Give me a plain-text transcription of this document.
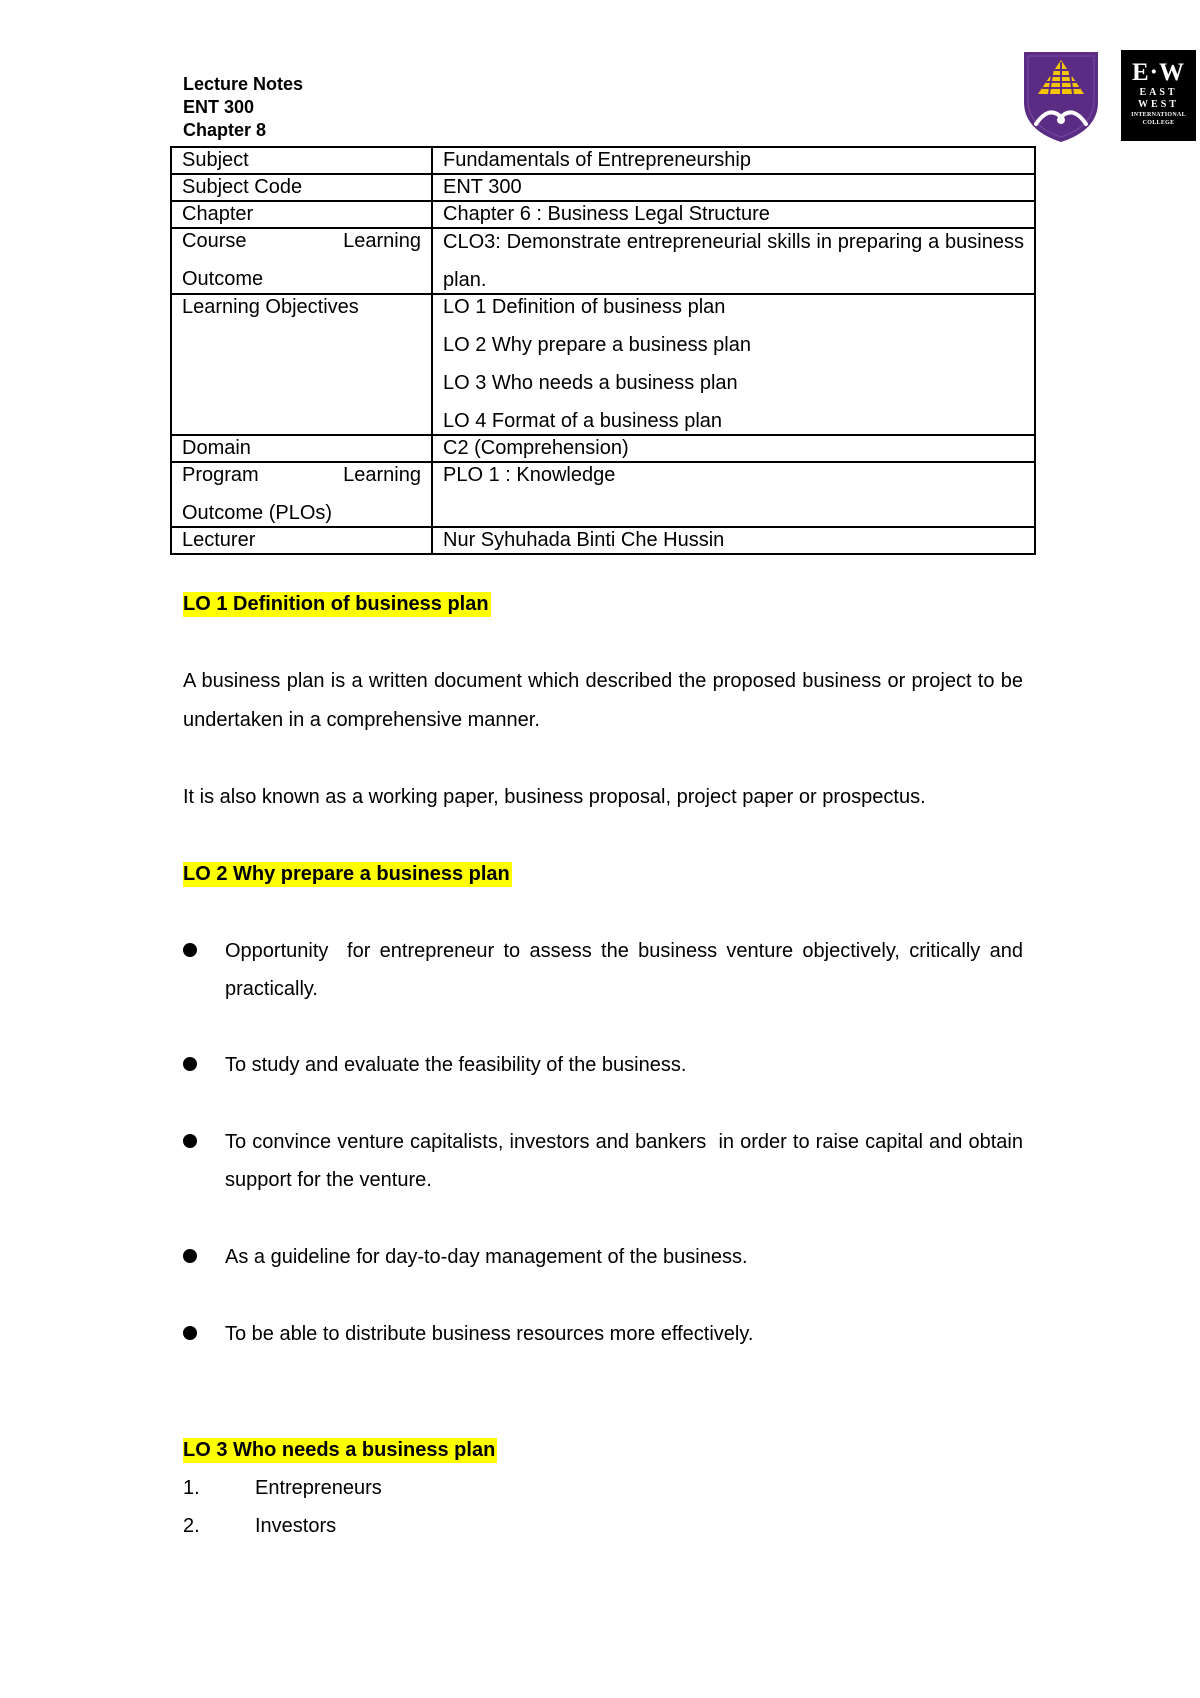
Lecture Notes
ENT 300
Chapter 8
E·W
EAST
WEST
INTERNATIONAL
COLLEGE
Subject	Fundamentals of Entrepreneurship
Subject Code	ENT 300
Chapter	Chapter 6 : Business Legal Structure

Course Learning
Outcome	CLO3: Demonstrate entrepreneurial skills in preparing a business plan.

Learning Objectives	LO 1 Definition of business plan
LO 2 Why prepare a business plan
LO 3 Who needs a business plan
LO 4 Format of a business plan

Domain	C2 (Comprehension)

Program Learning
Outcome (PLOs)	PLO 1 : Knowledge
Lecturer	Nur Syhuhada Binti Che Hussin
LO 1 Definition of business plan
A business plan is a written document which described the proposed business or project to be undertaken in a comprehensive manner.
It is also known as a working paper, business proposal, project paper or prospectus.
LO 2 Why prepare a business plan
Opportunity  for entrepreneur to assess the business venture objectively, critically and practically.
To study and evaluate the feasibility of the business.
To convince venture capitalists, investors and bankers  in order to raise capital and obtain support for the venture.
As a guideline for day-to-day management of the business.
To be able to distribute business resources more effectively.
LO 3 Who needs a business plan
1.	Entrepreneurs
2.	Investors
